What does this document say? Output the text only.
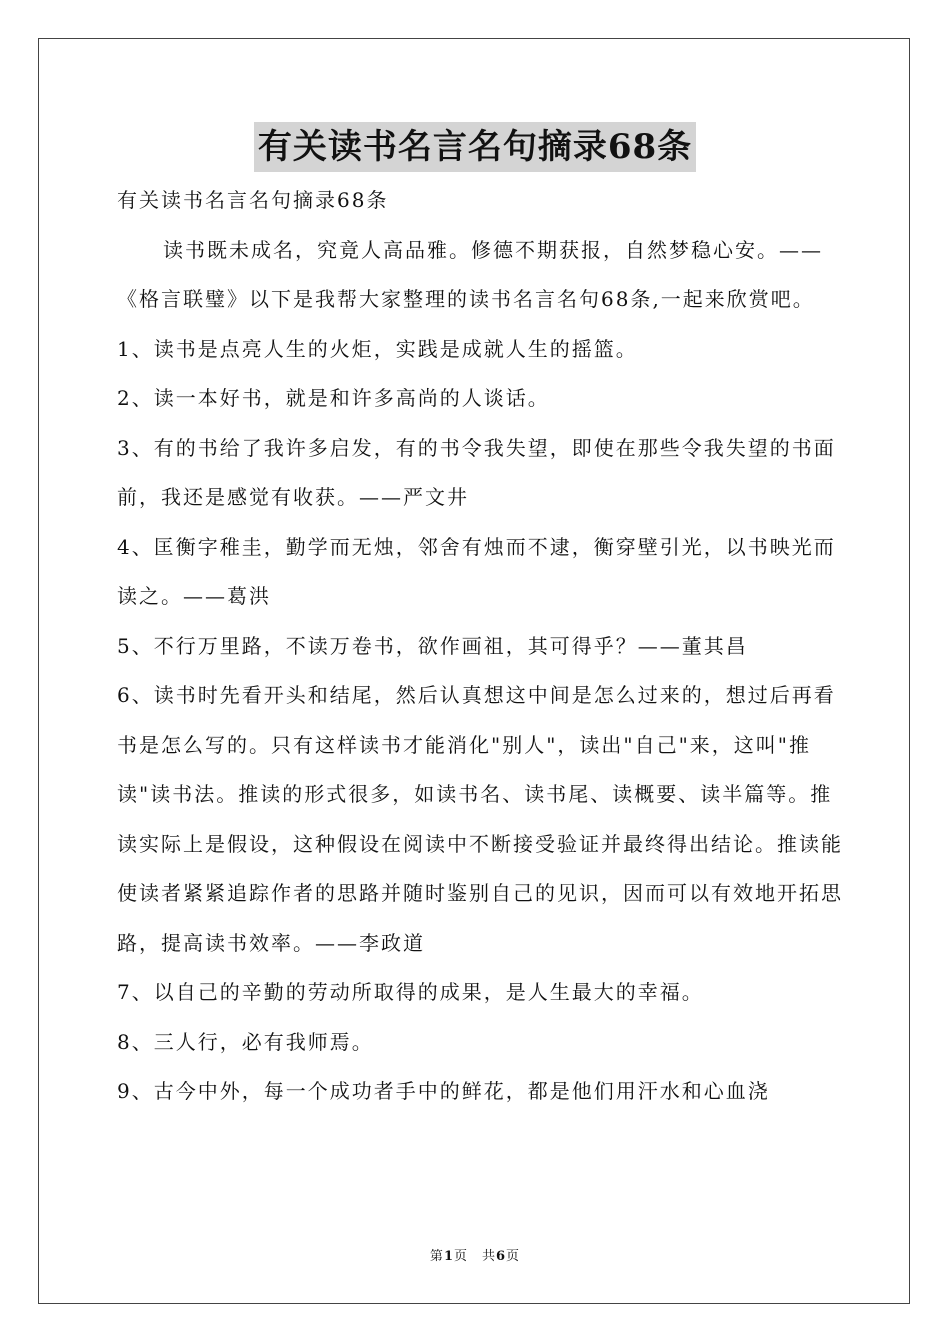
有关读书名言名句摘录68条

有关读书名言名句摘录68条

读书既未成名，究竟人高品雅。修德不期获报，自然梦稳心安。——《格言联璧》以下是我帮大家整理的读书名言名句68条,一起来欣赏吧。

1、读书是点亮人生的火炬，实践是成就人生的摇篮。

2、读一本好书，就是和许多高尚的人谈话。

3、有的书给了我许多启发，有的书令我失望，即使在那些令我失望的书面前，我还是感觉有收获。——严文井

4、匡衡字稚圭，勤学而无烛，邻舍有烛而不逮，衡穿壁引光，以书映光而读之。——葛洪

5、不行万里路，不读万卷书，欲作画祖，其可得乎？——董其昌

6、读书时先看开头和结尾，然后认真想这中间是怎么过来的，想过后再看书是怎么写的。只有这样读书才能消化"别人"，读出"自己"来，这叫"推读"读书法。推读的形式很多，如读书名、读书尾、读概要、读半篇等。推读实际上是假设，这种假设在阅读中不断接受验证并最终得出结论。推读能使读者紧紧追踪作者的思路并随时鉴别自己的见识，因而可以有效地开拓思路，提高读书效率。——李政道

7、以自己的辛勤的劳动所取得的成果，是人生最大的幸福。

8、三人行，必有我师焉。

9、古今中外，每一个成功者手中的鲜花，都是他们用汗水和心血浇

第1页　共6页
